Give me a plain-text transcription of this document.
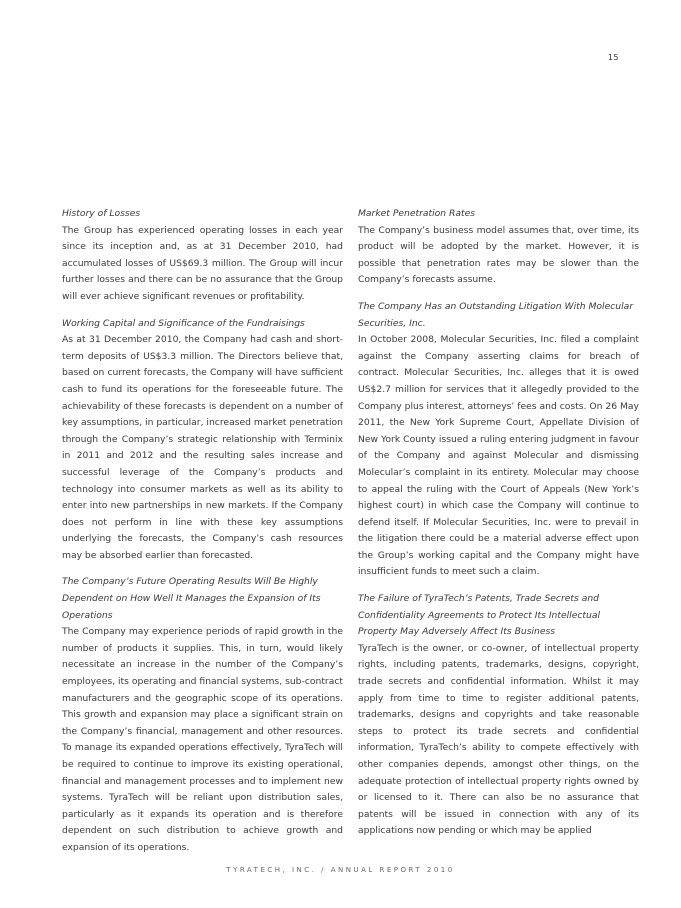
15

History of Losses

The Group has experienced operating losses in each year since its inception and, as at 31 December 2010, had accumulated losses of US$69.3 million. The Group will incur further losses and there can be no assurance that the Group will ever achieve significant revenues or profitability.

Working Capital and Significance of the Fundraisings

As at 31 December 2010, the Company had cash and short-term deposits of US$3.3 million. The Directors believe that, based on current forecasts, the Company will have sufficient cash to fund its operations for the foreseeable future. The achievability of these forecasts is dependent on a number of key assumptions, in particular, increased market penetration through the Company’s strategic relationship with Terminix in 2011 and 2012 and the resulting sales increase and successful leverage of the Company’s products and technology into consumer markets as well as its ability to enter into new partnerships in new markets. If the Company does not perform in line with these key assumptions underlying the forecasts, the Company’s cash resources may be absorbed earlier than forecasted.

The Company’s Future Operating Results Will Be Highly Dependent on How Well It Manages the Expansion of Its Operations

The Company may experience periods of rapid growth in the number of products it supplies. This, in turn, would likely necessitate an increase in the number of the Company’s employees, its operating and financial systems, sub-contract manufacturers and the geographic scope of its operations. This growth and expansion may place a significant strain on the Company’s financial, management and other resources. To manage its expanded operations effectively, TyraTech will be required to continue to improve its existing operational, financial and management processes and to implement new systems. TyraTech will be reliant upon distribution sales, particularly as it expands its operation and is therefore dependent on such distribution to achieve growth and expansion of its operations.

Market Penetration Rates

The Company’s business model assumes that, over time, its product will be adopted by the market. However, it is possible that penetration rates may be slower than the Company’s forecasts assume.

The Company Has an Outstanding Litigation With Molecular Securities, Inc.

In October 2008, Molecular Securities, Inc. filed a complaint against the Company asserting claims for breach of contract. Molecular Securities, Inc. alleges that it is owed US$2.7 million for services that it allegedly provided to the Company plus interest, attorneys’ fees and costs. On 26 May 2011, the New York Supreme Court, Appellate Division of New York County issued a ruling entering judgment in favour of the Company and against Molecular and dismissing Molecular’s complaint in its entirety. Molecular may choose to appeal the ruling with the Court of Appeals (New York’s highest court) in which case the Company will continue to defend itself. If Molecular Securities, Inc. were to prevail in the litigation there could be a material adverse effect upon the Group’s working capital and the Company might have insufficient funds to meet such a claim.

The Failure of TyraTech’s Patents, Trade Secrets and Confidentiality Agreements to Protect Its Intellectual Property May Adversely Affect Its Business

TyraTech is the owner, or co-owner, of intellectual property rights, including patents, trademarks, designs, copyright, trade secrets and confidential information. Whilst it may apply from time to time to register additional patents, trademarks, designs and copyrights and take reasonable steps to protect its trade secrets and confidential information, TyraTech’s ability to compete effectively with other companies depends, amongst other things, on the adequate protection of intellectual property rights owned by or licensed to it. There can also be no assurance that patents will be issued in connection with any of its applications now pending or which may be applied

TYRATECH, INC. / ANNUAL REPORT 2010
